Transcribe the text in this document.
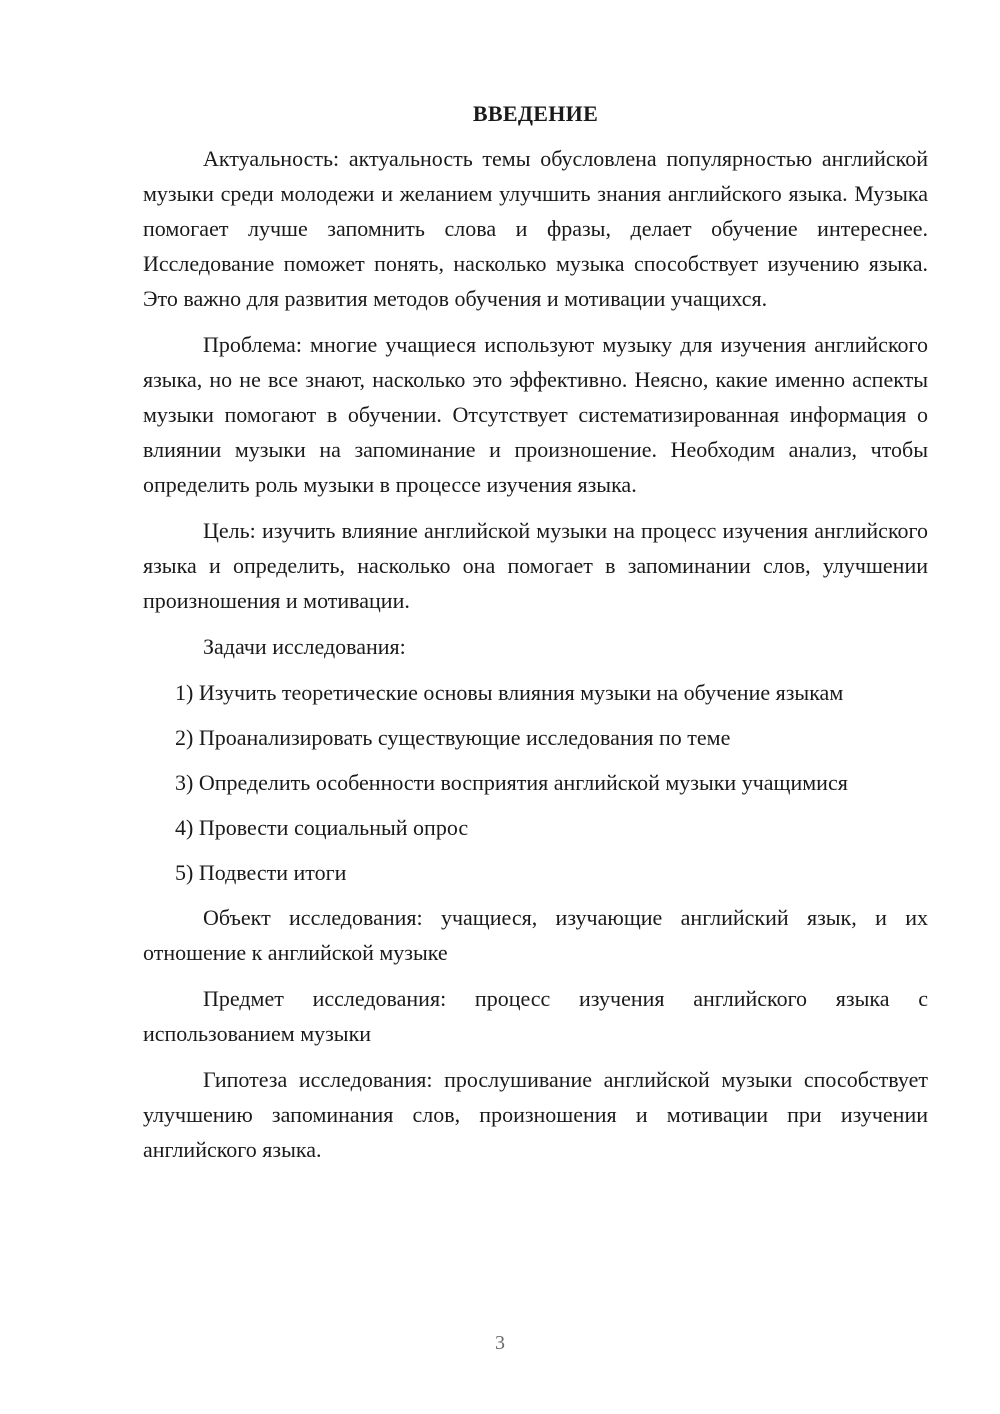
ВВЕДЕНИЕ

Актуальность: актуальность темы обусловлена популярностью английской музыки среди молодежи и желанием улучшить знания английского языка. Музыка помогает лучше запомнить слова и фразы, делает обучение интереснее. Исследование поможет понять, насколько музыка способствует изучению языка. Это важно для развития методов обучения и мотивации учащихся.

Проблема: многие учащиеся используют музыку для изучения английского языка, но не все знают, насколько это эффективно. Неясно, какие именно аспекты музыки помогают в обучении. Отсутствует систематизированная информация о влиянии музыки на запоминание и произношение. Необходим анализ, чтобы определить роль музыки в процессе изучения языка.

Цель: изучить влияние английской музыки на процесс изучения английского языка и определить, насколько она помогает в запоминании слов, улучшении произношения и мотивации.

Задачи исследования:

1) Изучить теоретические основы влияния музыки на обучение языкам

2) Проанализировать существующие исследования по теме

3) Определить особенности восприятия английской музыки учащимися

4) Провести социальный опрос

5) Подвести итоги

Объект исследования: учащиеся, изучающие английский язык, и их отношение к английской музыке

Предмет исследования: процесс изучения английского языка с использованием музыки

Гипотеза исследования: прослушивание английской музыки способствует улучшению запоминания слов, произношения и мотивации при изучении английского языка.

3
